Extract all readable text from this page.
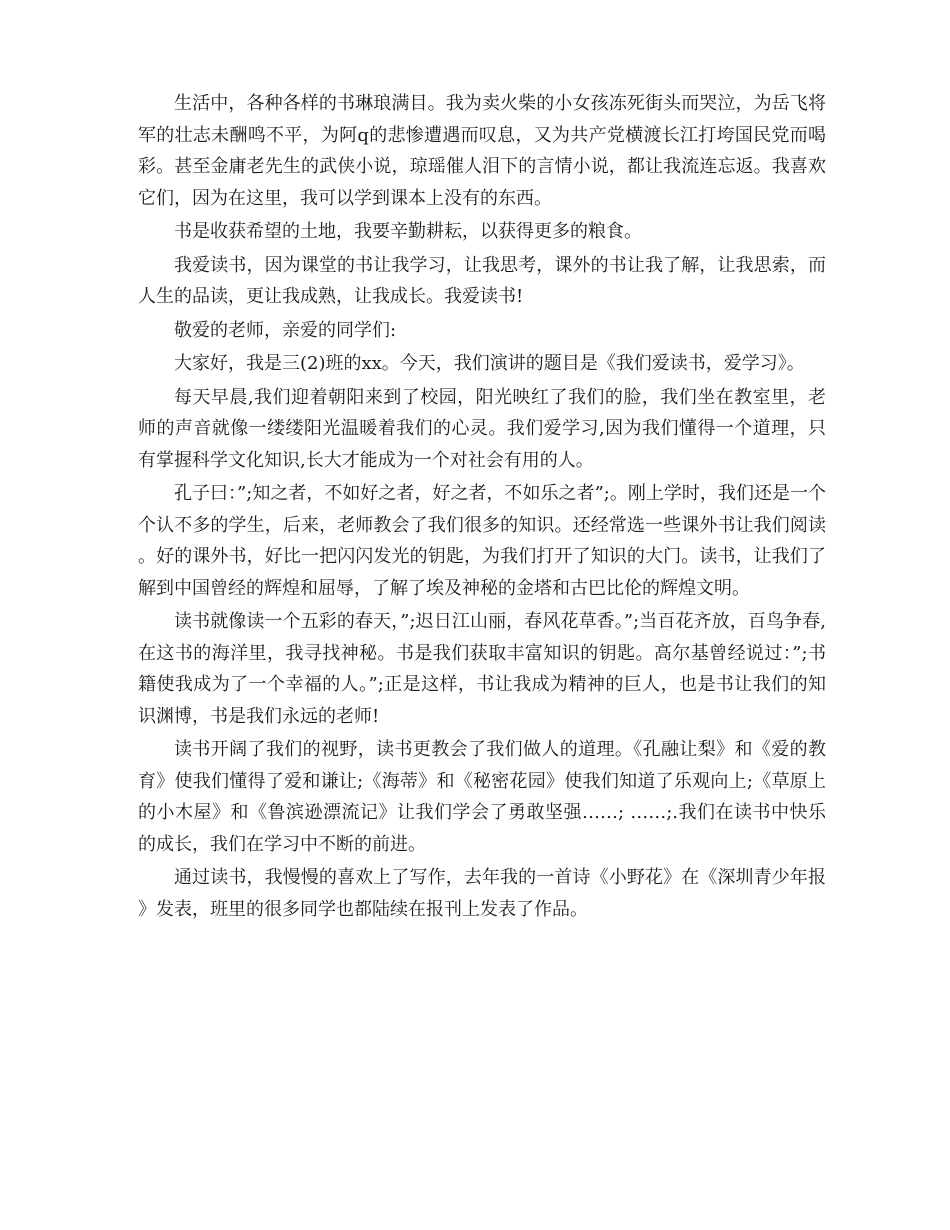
生活中，各种各样的书琳琅满目。我为卖火柴的小女孩冻死街头而哭泣，为岳飞将军的壮志未酬鸣不平，为阿q的悲惨遭遇而叹息，又为共产党横渡长江打垮国民党而喝彩。甚至金庸老先生的武侠小说，琼瑶催人泪下的言情小说，都让我流连忘返。我喜欢它们，因为在这里，我可以学到课本上没有的东西。

书是收获希望的土地，我要辛勤耕耘，以获得更多的粮食。

我爱读书，因为课堂的书让我学习，让我思考，课外的书让我了解，让我思索，而人生的品读，更让我成熟，让我成长。我爱读书!

敬爱的老师，亲爱的同学们:

大家好，我是三(2)班的xx。今天，我们演讲的题目是《我们爱读书，爱学习》。

每天早晨,我们迎着朝阳来到了校园，阳光映红了我们的脸，我们坐在教室里，老师的声音就像一缕缕阳光温暖着我们的心灵。我们爱学习,因为我们懂得一个道理，只有掌握科学文化知识,长大才能成为一个对社会有用的人。

孔子曰：”;知之者，不如好之者，好之者，不如乐之者”;。刚上学时，我们还是一个个认不多的学生，后来，老师教会了我们很多的知识。还经常选一些课外书让我们阅读。好的课外书，好比一把闪闪发光的钥匙，为我们打开了知识的大门。读书，让我们了解到中国曾经的辉煌和屈辱，了解了埃及神秘的金塔和古巴比伦的辉煌文明。

读书就像读一个五彩的春天，”;迟日江山丽，春风花草香。”;当百花齐放，百鸟争春,在这书的海洋里，我寻找神秘。书是我们获取丰富知识的钥匙。高尔基曾经说过：”;书籍使我成为了一个幸福的人。”;正是这样，书让我成为精神的巨人，也是书让我们的知识渊博，书是我们永远的老师!

读书开阔了我们的视野，读书更教会了我们做人的道理。《孔融让梨》和《爱的教育》使我们懂得了爱和谦让;《海蒂》和《秘密花园》使我们知道了乐观向上;《草原上的小木屋》和《鲁滨逊漂流记》让我们学会了勇敢坚强……; ……;.我们在读书中快乐的成长，我们在学习中不断的前进。

通过读书，我慢慢的喜欢上了写作，去年我的一首诗《小野花》在《深圳青少年报》发表，班里的很多同学也都陆续在报刊上发表了作品。
